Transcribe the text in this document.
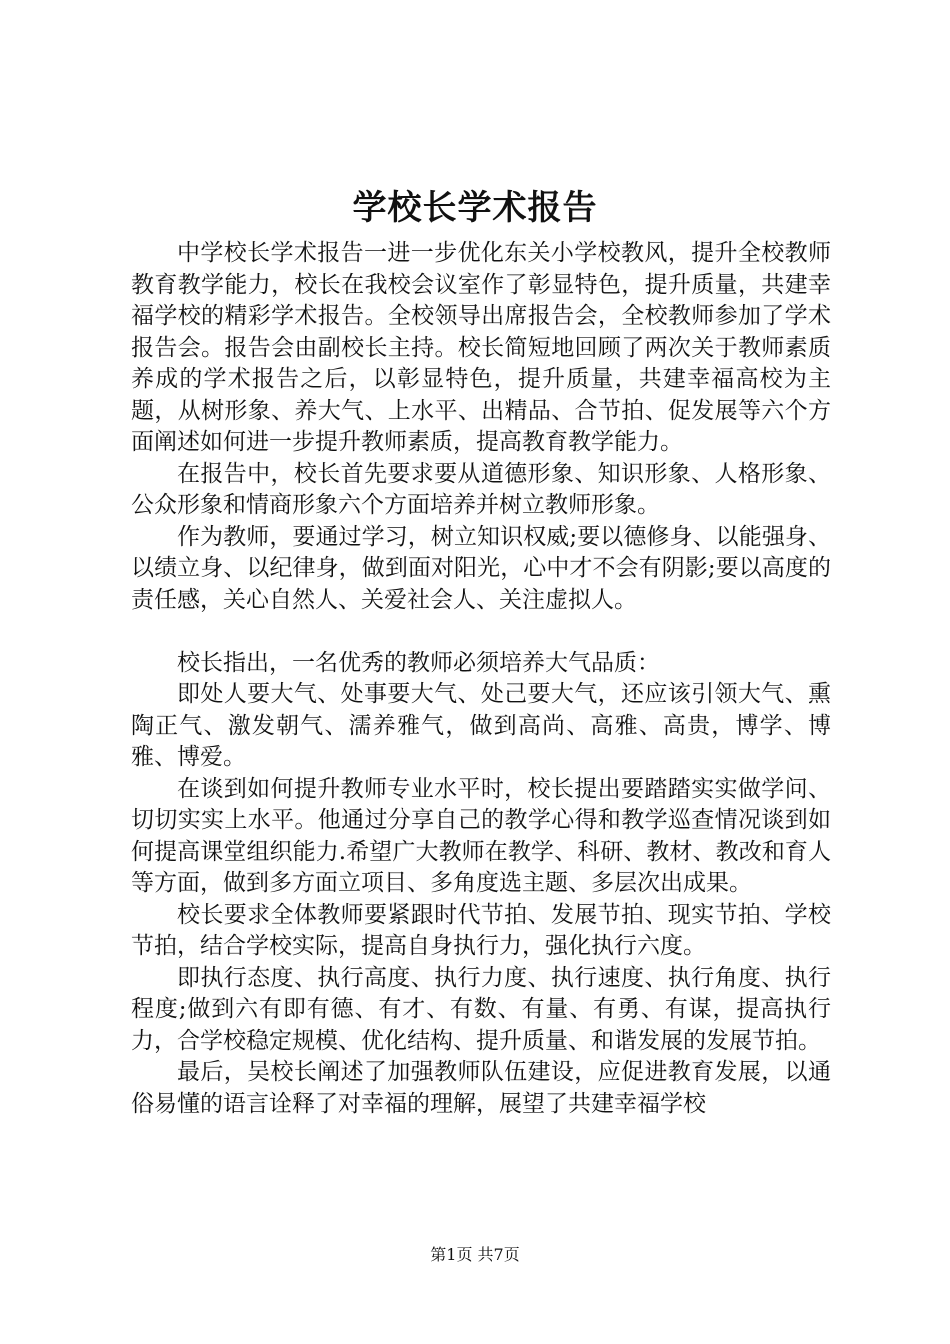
学校长学术报告

中学校长学术报告一进一步优化东关小学校教风，提升全校教师教育教学能力，校长在我校会议室作了彰显特色，提升质量，共建幸福学校的精彩学术报告。全校领导出席报告会，全校教师参加了学术报告会。报告会由副校长主持。校长简短地回顾了两次关于教师素质养成的学术报告之后，以彰显特色，提升质量，共建幸福高校为主题，从树形象、养大气、上水平、出精品、合节拍、促发展等六个方面阐述如何进一步提升教师素质，提高教育教学能力。

在报告中，校长首先要求要从道德形象、知识形象、人格形象、公众形象和情商形象六个方面培养并树立教师形象。

作为教师，要通过学习，树立知识权威;要以德修身、以能强身、以绩立身、以纪律身，做到面对阳光，心中才不会有阴影;要以高度的责任感，关心自然人、关爱社会人、关注虚拟人。

校长指出，一名优秀的教师必须培养大气品质：

即处人要大气、处事要大气、处己要大气，还应该引领大气、熏陶正气、激发朝气、濡养雅气，做到高尚、高雅、高贵，博学、博雅、博爱。

在谈到如何提升教师专业水平时，校长提出要踏踏实实做学问、切切实实上水平。他通过分享自己的教学心得和教学巡查情况谈到如何提高课堂组织能力.希望广大教师在教学、科研、教材、教改和育人等方面，做到多方面立项目、多角度选主题、多层次出成果。

校长要求全体教师要紧跟时代节拍、发展节拍、现实节拍、学校节拍，结合学校实际，提高自身执行力，强化执行六度。

即执行态度、执行高度、执行力度、执行速度、执行角度、执行程度;做到六有即有德、有才、有数、有量、有勇、有谋，提高执行力，合学校稳定规模、优化结构、提升质量、和谐发展的发展节拍。

最后，吴校长阐述了加强教师队伍建设，应促进教育发展，以通俗易懂的语言诠释了对幸福的理解，展望了共建幸福学校

第1页 共7页
